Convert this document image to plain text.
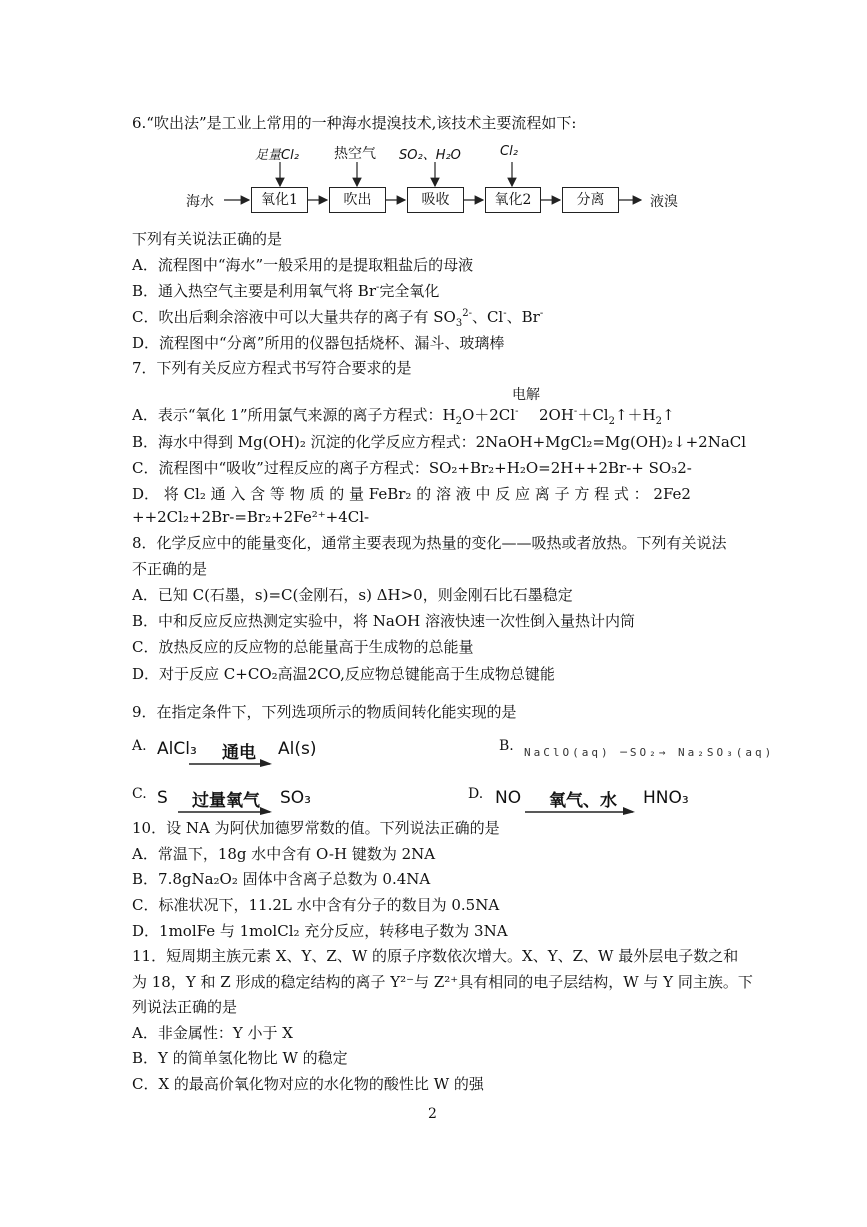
6.“吹出法”是工业上常用的一种海水提溴技术,该技术主要流程如下:
足量Cl₂	热空气 SO₂、H₂O	Cl₂
海水	氧化1	吹出	吸收	氧化2	分离	液溴
下列有关说法正确的是
A．流程图中“海水”一般采用的是提取粗盐后的母液
B．通入热空气主要是利用氧气将 Br-完全氧化
C．吹出后剩余溶液中可以大量共存的离子有 $SO_3^{2-}$、Cl-、Br-
D．流程图中“分离”所用的仪器包括烧杯、漏斗、玻璃棒
7．下列有关反应方程式书写符合要求的是
电解
A．表示“氧化 1”所用氯气来源的离子方程式：$H_2O+2Cl^-$ $2OH^-+Cl_2↑+H_2↑$
B．海水中得到 Mg(OH)₂ 沉淀的化学反应方程式：2NaOH+MgCl₂=Mg(OH)₂↓+2NaCl
C．流程图中“吸收”过程反应的离子方程式：SO₂+Br₂+H₂O=2H++2Br-+ SO₃2-
D． 将 Cl₂ 通 入 含 等 物 质 的 量 FeBr₂ 的 溶 液 中 反 应 离 子 方 程 式 ： 2Fe2
++2Cl₂+2Br-=Br₂+2Fe²⁺+4Cl-
8．化学反应中的能量变化，通常主要表现为热量的变化——吸热或者放热。下列有关说法
不正确的是
A．已知 C(石墨，s)=C(金刚石，s) ΔH>0，则金刚石比石墨稳定
B．中和反应反应热测定实验中，将 NaOH 溶液快速一次性倒入量热计内筒
C．放热反应的反应物的总能量高于生成物的总能量
D．对于反应 C+CO₂高温2CO,反应物总键能高于生成物总键能
9．在指定条件下，下列选项所示的物质间转化能实现的是
A. AlCl₃ 通电 Al(s)	B. NaClO(aq) ─SO₂→ Na₂SO₃(aq)
C. S 过量氧气 SO₃	D. NO 氧气、水 HNO₃
10．设 NA 为阿伏加德罗常数的值。下列说法正确的是
A．常温下，18g 水中含有 O-H 键数为 2NA
B．7.8gNa₂O₂ 固体中含离子总数为 0.4NA
C．标准状况下，11.2L 水中含有分子的数目为 0.5NA
D．1molFe 与 1molCl₂ 充分反应，转移电子数为 3NA
11．短周期主族元素 X、Y、Z、W 的原子序数依次增大。X、Y、Z、W 最外层电子数之和
为 18，Y 和 Z 形成的稳定结构的离子 Y²⁻与 Z²⁺具有相同的电子层结构，W 与 Y 同主族。下
列说法正确的是
A．非金属性：Y 小于 X
B．Y 的简单氢化物比 W 的稳定
C．X 的最高价氧化物对应的水化物的酸性比 W 的强
2
